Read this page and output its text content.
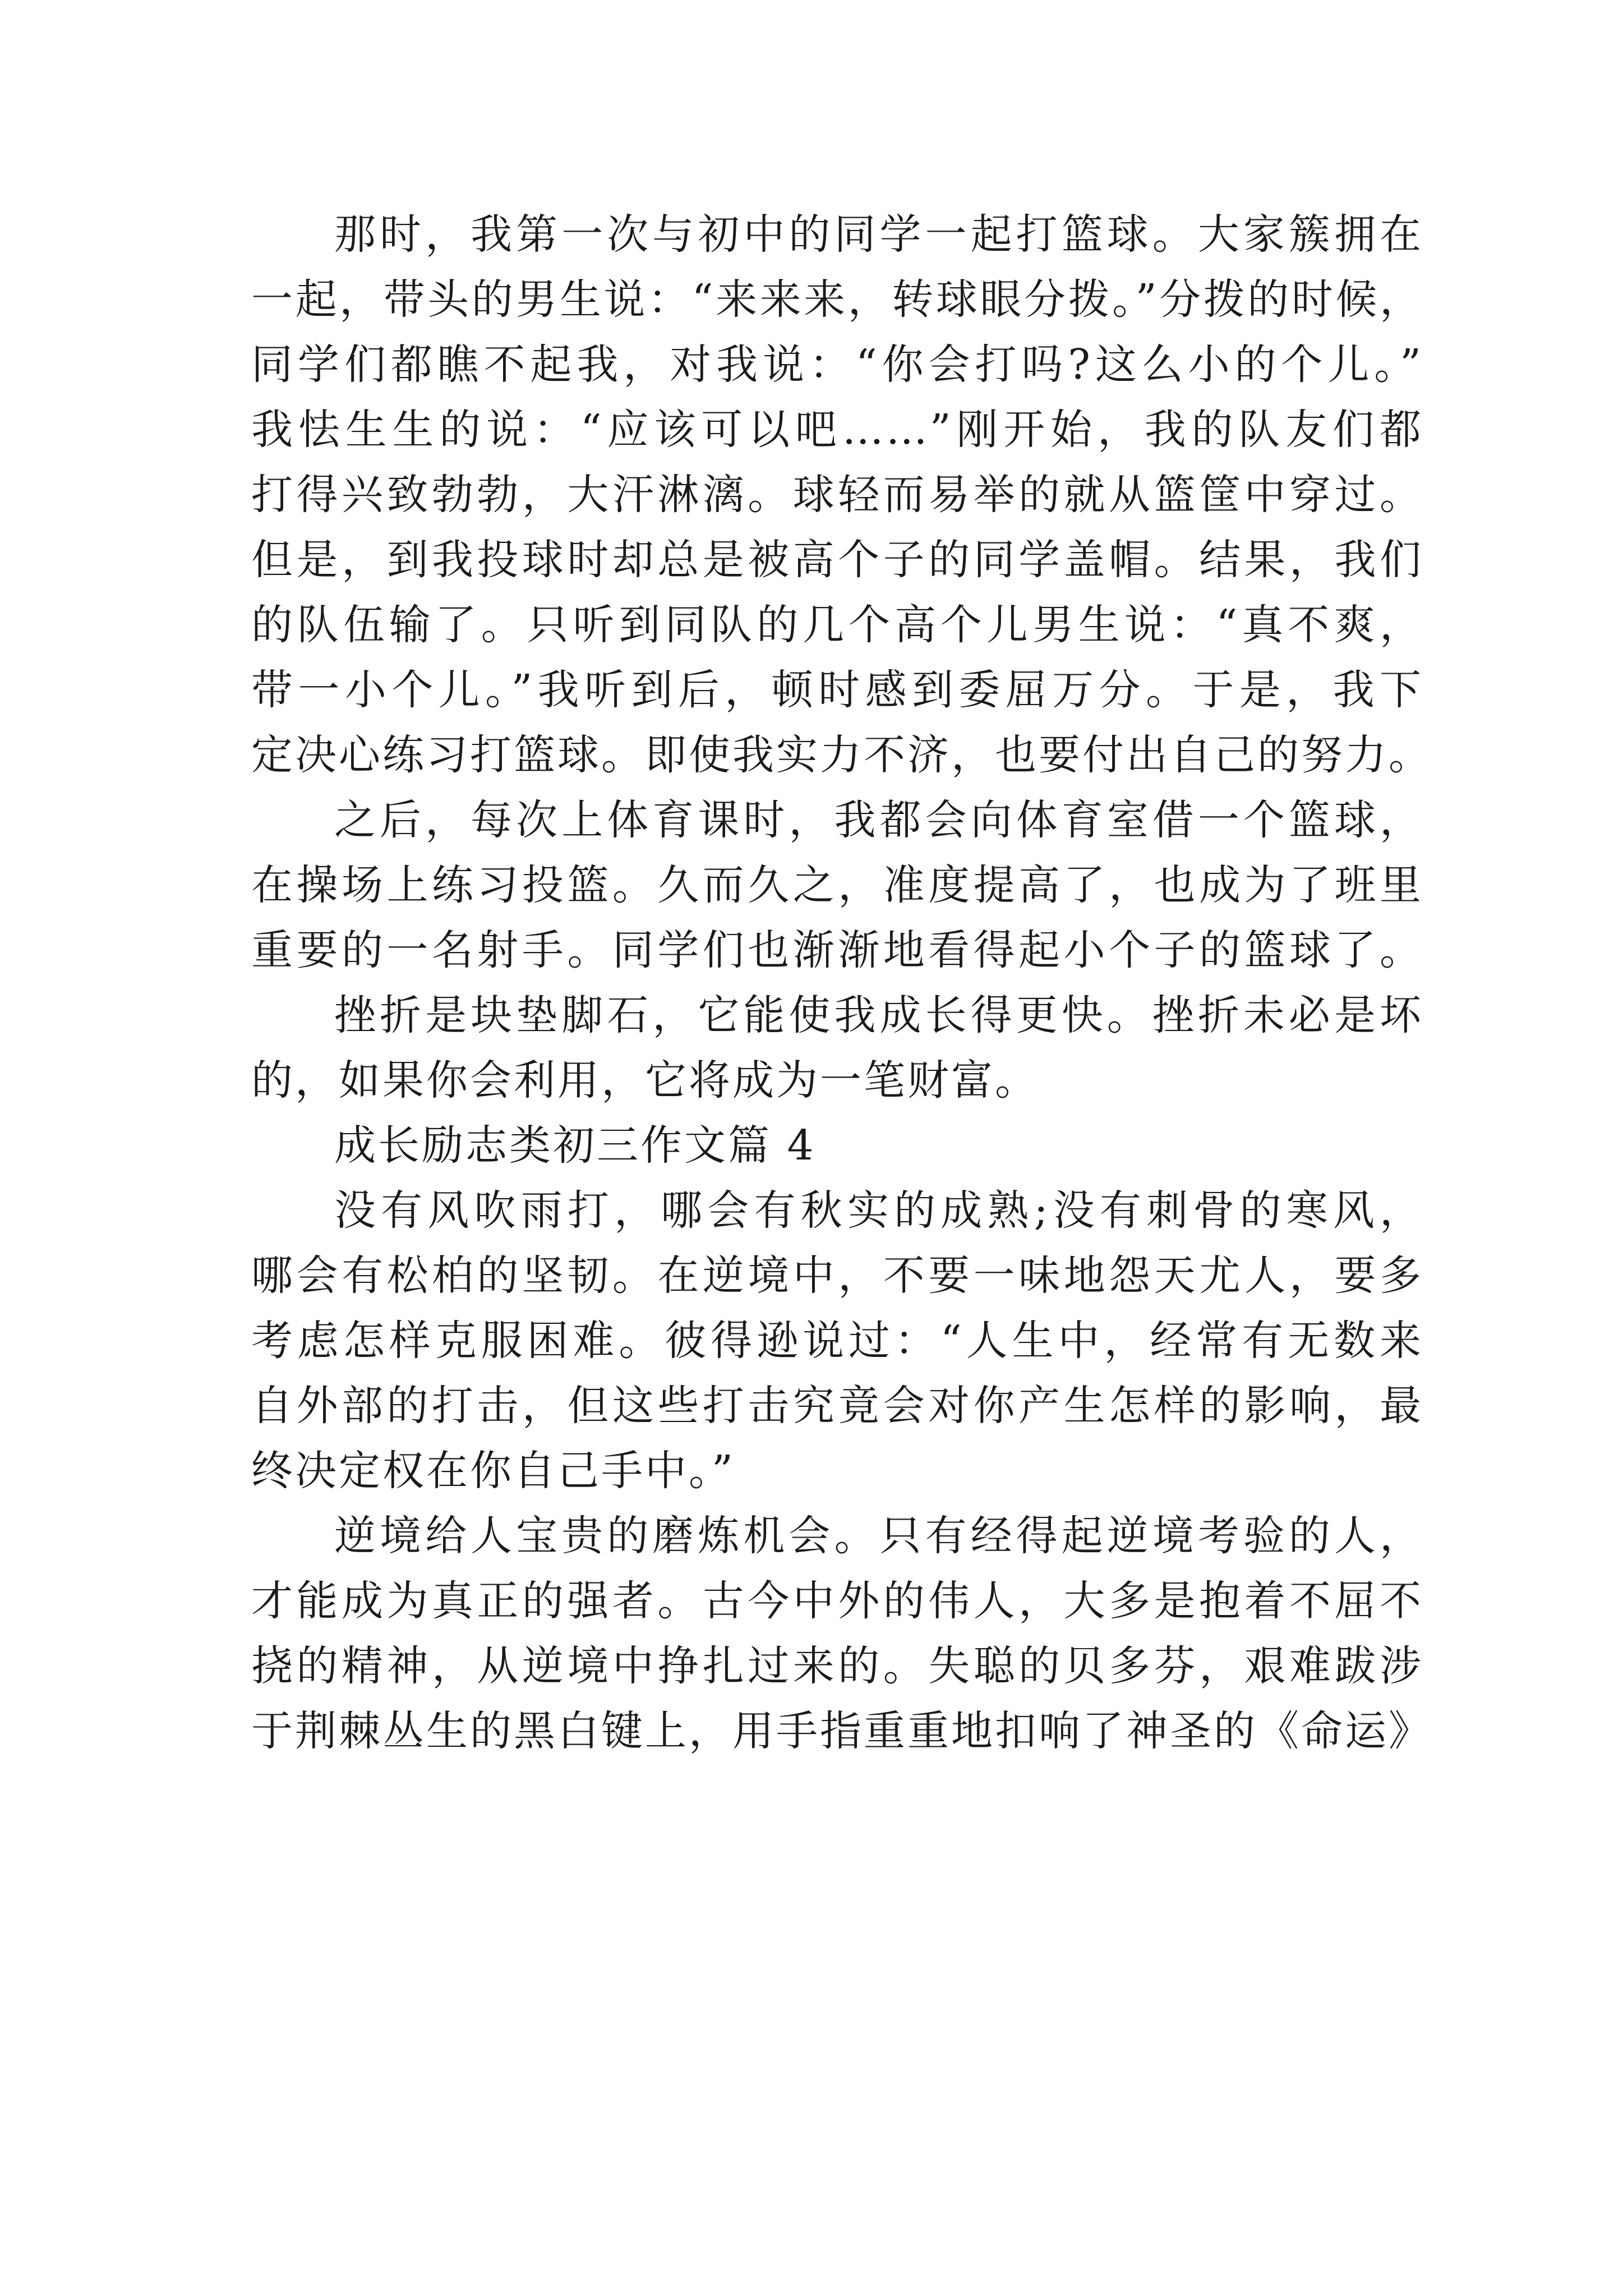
那时，我第一次与初中的同学一起打篮球。大家簇拥在
一起，带头的男生说：“来来来，转球眼分拨。”分拨的时候，
同学们都瞧不起我，对我说：“你会打吗?这么小的个儿。”
我怯生生的说：“应该可以吧……”刚开始，我的队友们都
打得兴致勃勃，大汗淋漓。球轻而易举的就从篮筐中穿过。
但是，到我投球时却总是被高个子的同学盖帽。结果，我们
的队伍输了。只听到同队的几个高个儿男生说：“真不爽，
带一小个儿。”我听到后，顿时感到委屈万分。于是，我下
定决心练习打篮球。即使我实力不济，也要付出自己的努力。
之后，每次上体育课时，我都会向体育室借一个篮球，
在操场上练习投篮。久而久之，准度提高了，也成为了班里
重要的一名射手。同学们也渐渐地看得起小个子的篮球了。
挫折是块垫脚石，它能使我成长得更快。挫折未必是坏
的，如果你会利用，它将成为一笔财富。
成长励志类初三作文篇 4
没有风吹雨打，哪会有秋实的成熟;没有刺骨的寒风，
哪会有松柏的坚韧。在逆境中，不要一味地怨天尤人，要多
考虑怎样克服困难。彼得逊说过：“人生中，经常有无数来
自外部的打击，但这些打击究竟会对你产生怎样的影响，最
终决定权在你自己手中。”
逆境给人宝贵的磨炼机会。只有经得起逆境考验的人，
才能成为真正的强者。古今中外的伟人，大多是抱着不屈不
挠的精神，从逆境中挣扎过来的。失聪的贝多芬，艰难跋涉
于荆棘丛生的黑白键上，用手指重重地扣响了神圣的《命运》
